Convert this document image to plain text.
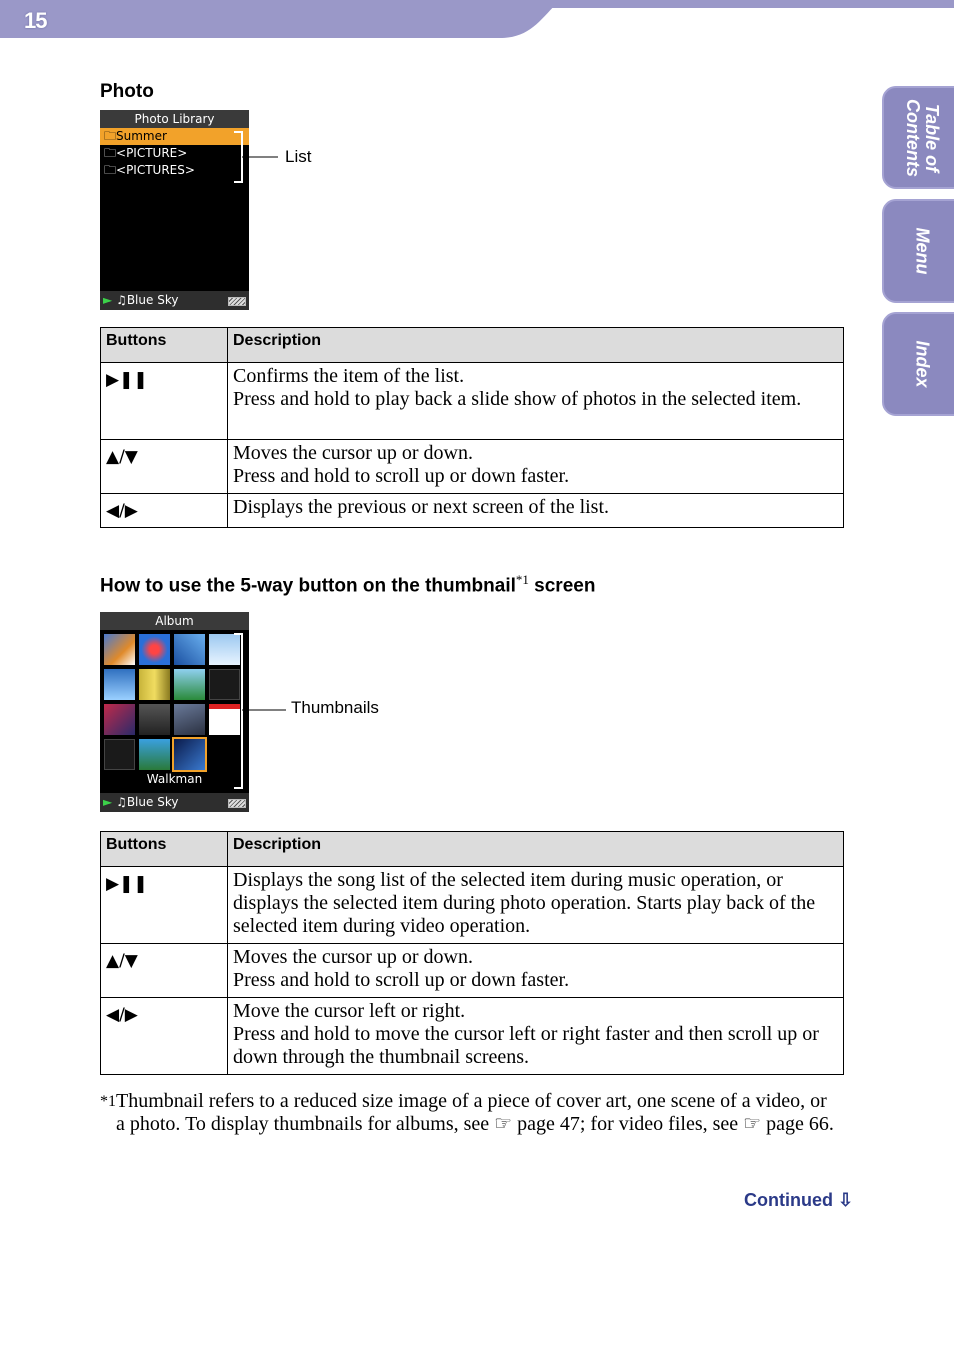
15
Table of
Contents
Menu
Index
Photo
Photo Library
🗀Summer
🗀<PICTURE>
🗀<PICTURES>
► ♫Blue Sky
List
Buttons	Description
▶❚❚	Confirms the item of the list.
Press and hold to play back a slide show of photos in the selected item.

▲/▼	Moves the cursor up or down.
Press and hold to scroll up or down faster.

◀/▶	Displays the previous or next screen of the list.
How to use the 5-way button on the thumbnail$^{*1}$ screen
Album
Walkman
► ♫Blue Sky
Thumbnails
Buttons	Description
▶❚❚	Displays the song list of the selected item during music operation, or displays the selected item during photo operation. Starts play back of the selected item during video operation.

▲/▼	Moves the cursor up or down.
Press and hold to scroll up or down faster.

◀/▶	Move the cursor left or right.
Press and hold to move the cursor left or right faster and then scroll up or down through the thumbnail screens.
*1 Thumbnail refers to a reduced size image of a piece of cover art, one scene of a video, or a photo. To display thumbnails for albums, see ☞ page 47; for video files, see ☞ page 66.
Continued ⇩
